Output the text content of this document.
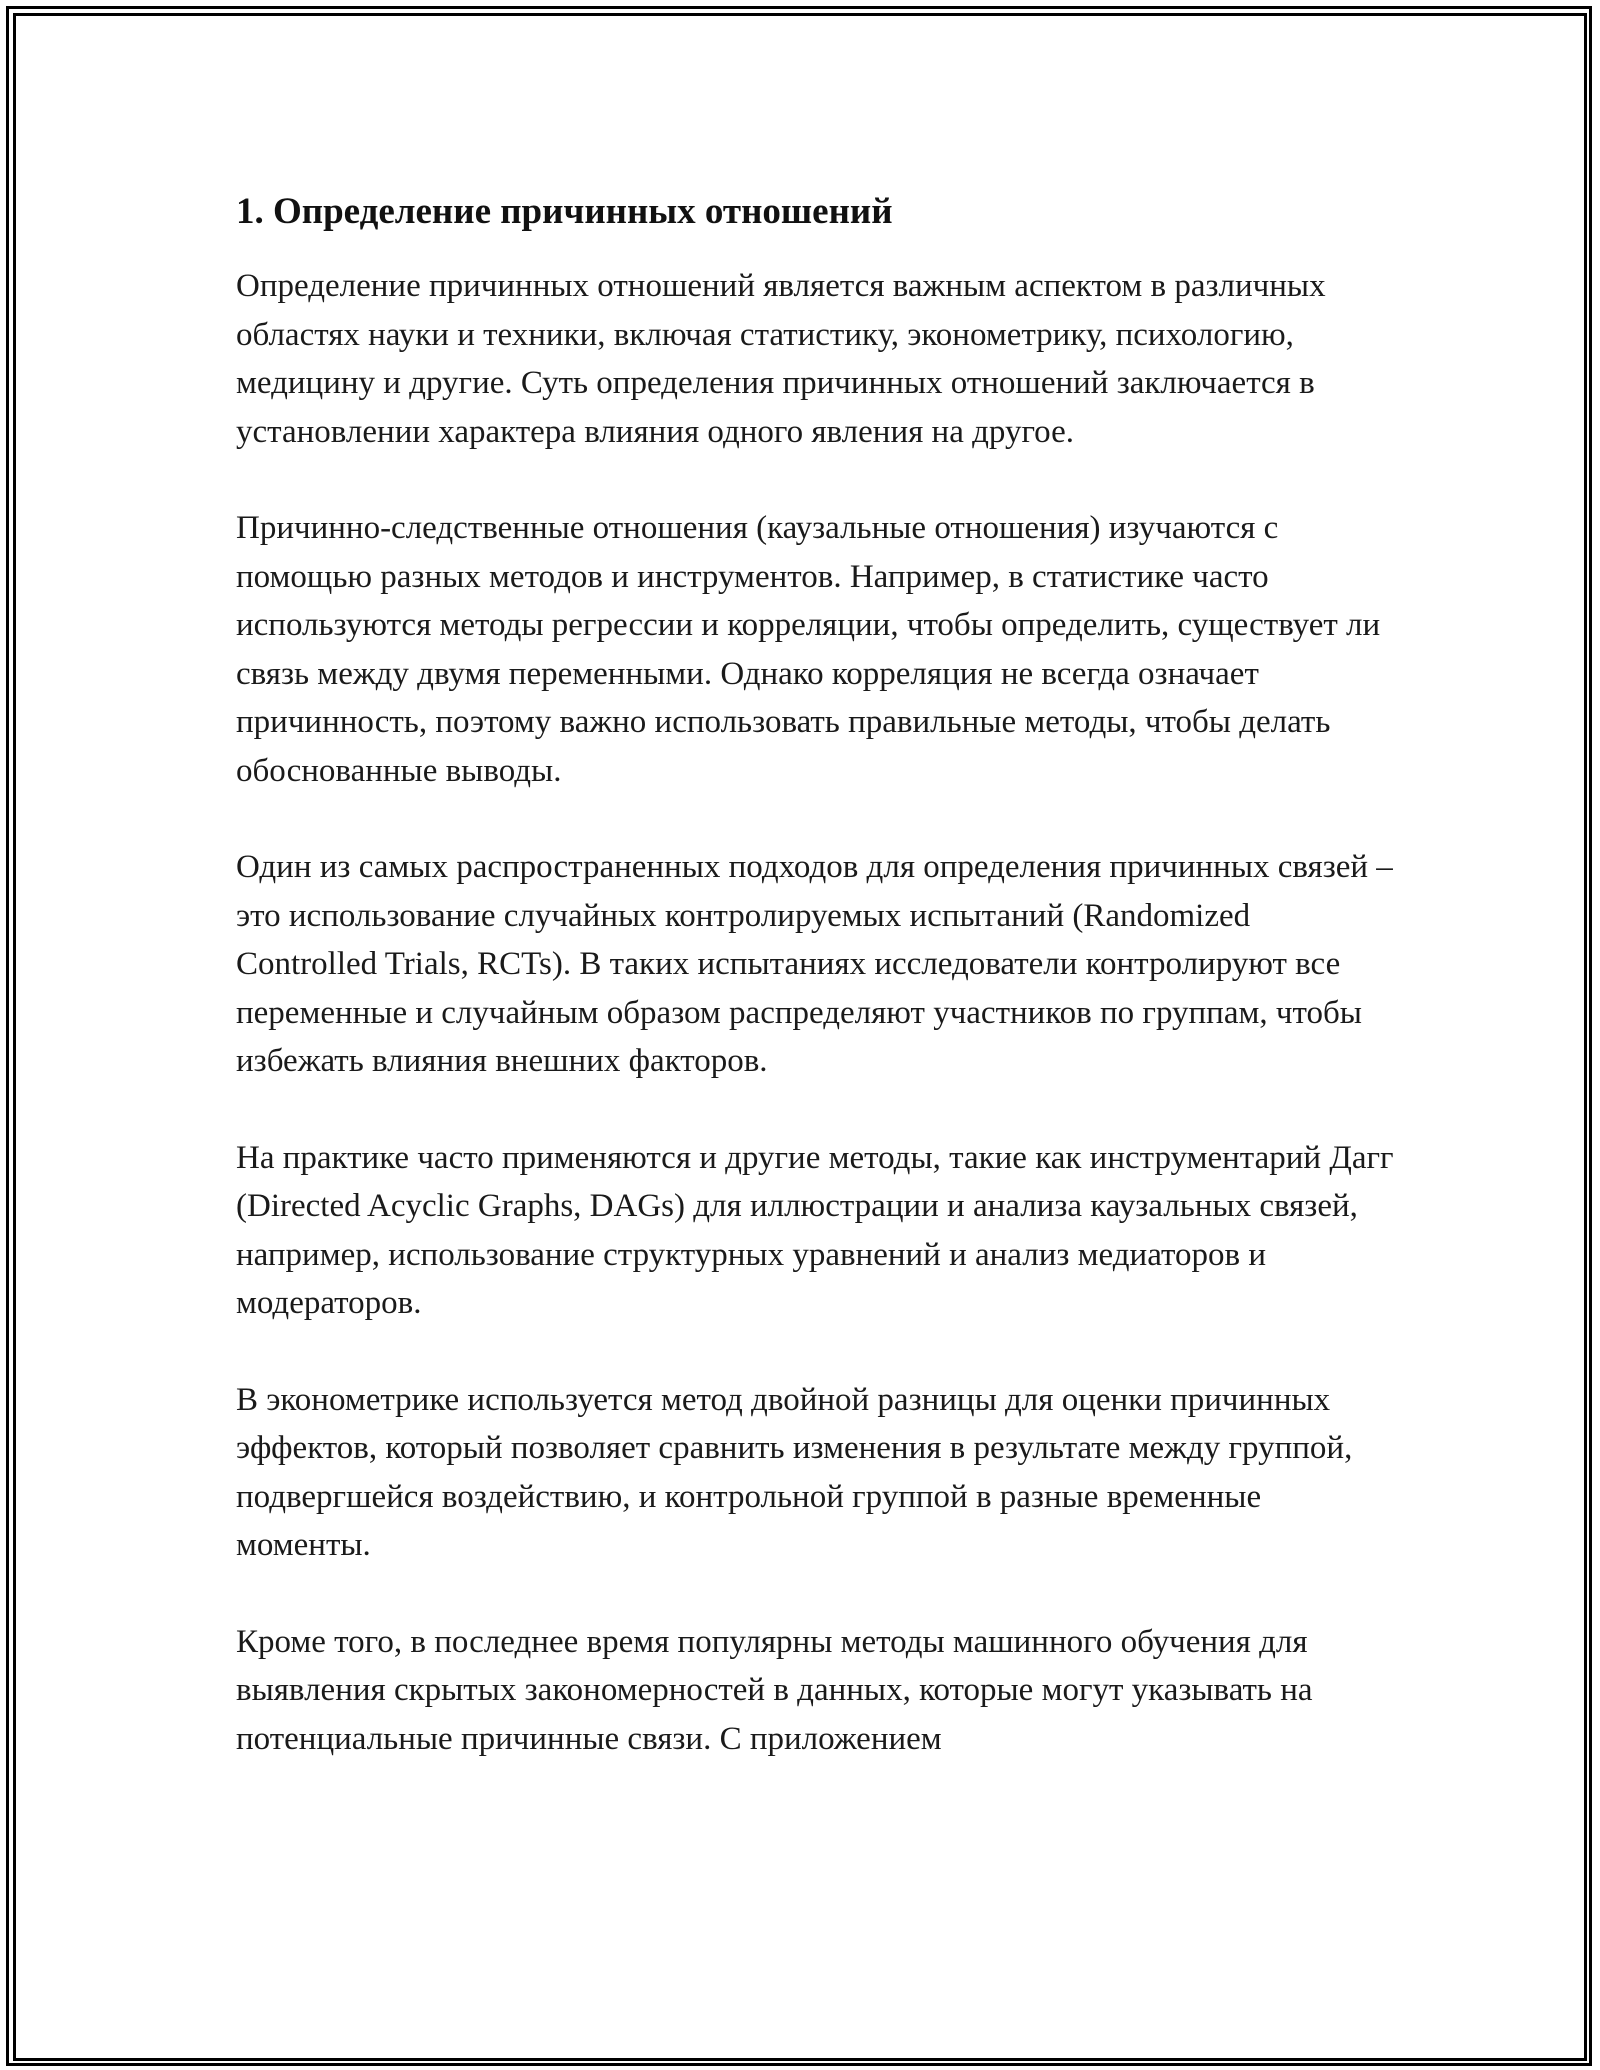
1. Определение причинных отношений

Определение причинных отношений является важным аспектом в различных областях науки и техники, включая статистику, эконометрику, психологию, медицину и другие. Суть определения причинных отношений заключается в установлении характера влияния одного явления на другое.

Причинно-следственные отношения (каузальные отношения) изучаются с помощью разных методов и инструментов. Например, в статистике часто используются методы регрессии и корреляции, чтобы определить, существует ли связь между двумя переменными. Однако корреляция не всегда означает причинность, поэтому важно использовать правильные методы, чтобы делать обоснованные выводы.

Один из самых распространенных подходов для определения причинных связей – это использование случайных контролируемых испытаний (Randomized Controlled Trials, RCTs). В таких испытаниях исследователи контролируют все переменные и случайным образом распределяют участников по группам, чтобы избежать влияния внешних факторов.

На практике часто применяются и другие методы, такие как инструментарий Дагг (Directed Acyclic Graphs, DAGs) для иллюстрации и анализа каузальных связей, например, использование структурных уравнений и анализ медиаторов и модераторов.

В эконометрике используется метод двойной разницы для оценки причинных эффектов, который позволяет сравнить изменения в результате между группой, подвергшейся воздействию, и контрольной группой в разные временные моменты.

Кроме того, в последнее время популярны методы машинного обучения для выявления скрытых закономерностей в данных, которые могут указывать на потенциальные причинные связи. С приложением
